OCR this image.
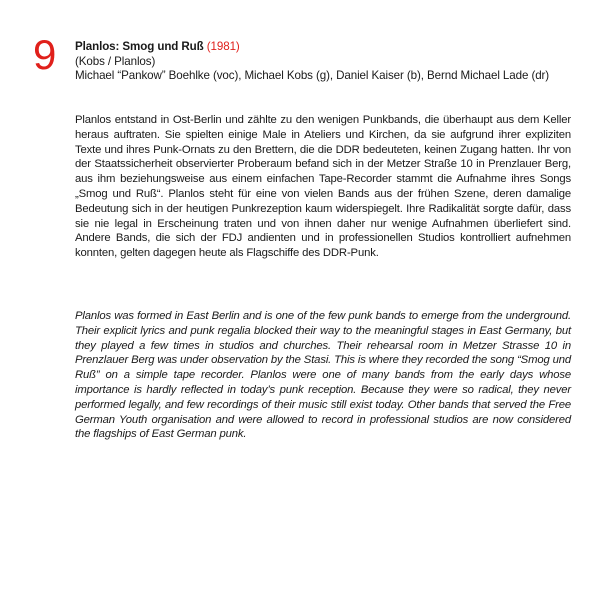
9 Planlos: Smog und Ruß (1981)

(Kobs / Planlos)

Michael “Pankow” Boehlke (voc), Michael Kobs (g), Daniel Kaiser (b), Bernd Michael Lade (dr)

Planlos entstand in Ost-Berlin und zählte zu den wenigen Punkbands, die überhaupt aus dem Keller heraus auftraten. Sie spielten einige Male in Ateliers und Kirchen, da sie aufgrund ihrer expliziten Texte und ihres Punk-Ornats zu den Brettern, die die DDR bedeuteten, keinen Zugang hatten. Ihr von der Staatssicherheit observierter Proberaum befand sich in der Metzer Straße 10 in Prenzlauer Berg, aus ihm beziehungsweise aus einem einfachen Tape-Recorder stammt die Aufnahme ihres Songs „Smog und Ruß“. Planlos steht für eine von vielen Bands aus der frühen Szene, deren damalige Bedeutung sich in der heutigen Punkrezeption kaum widerspiegelt. Ihre Radikalität sorgte dafür, dass sie nie legal in Erscheinung traten und von ihnen daher nur wenige Aufnahmen überliefert sind. Andere Bands, die sich der FDJ andienten und in professionellen Studios kontrolliert aufnehmen konnten, gelten dagegen heute als Flagschiffe des DDR-Punk.

Planlos was formed in East Berlin and is one of the few punk bands to emerge from the underground. Their explicit lyrics and punk regalia blocked their way to the meaningful stages in East Germany, but they played a few times in studios and churches. Their rehearsal room in Metzer Strasse 10 in Prenzlauer Berg was under observation by the Stasi. This is where they recorded the song “Smog und Ruß” on a simple tape recorder. Planlos were one of many bands from the early days whose importance is hardly reflected in today’s punk reception. Because they were so radical, they never performed legally, and few recordings of their music still exist today. Other bands that served the Free German Youth organisation and were allowed to record in professional studios are now considered the flagships of East German punk.
